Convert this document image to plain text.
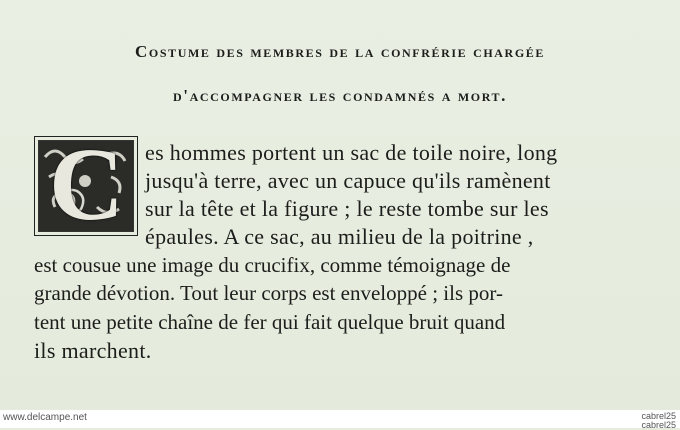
Costume des membres de la confrérie chargée
d'accompagner les condamnés a mort.
C es hommes portent un sac de toile noire, long
jusqu'à terre, avec un capuce qu'ils ramènent
sur la tête et la figure ; le reste tombe sur les
épaules. A ce sac, au milieu de la poitrine ,
est cousue une image du crucifix, comme témoignage de
grande dévotion. Tout leur corps est enveloppé ; ils por-
tent une petite chaîne de fer qui fait quelque bruit quand
ils marchent.
www.delcampe.net	cabrel25
cabrel25
